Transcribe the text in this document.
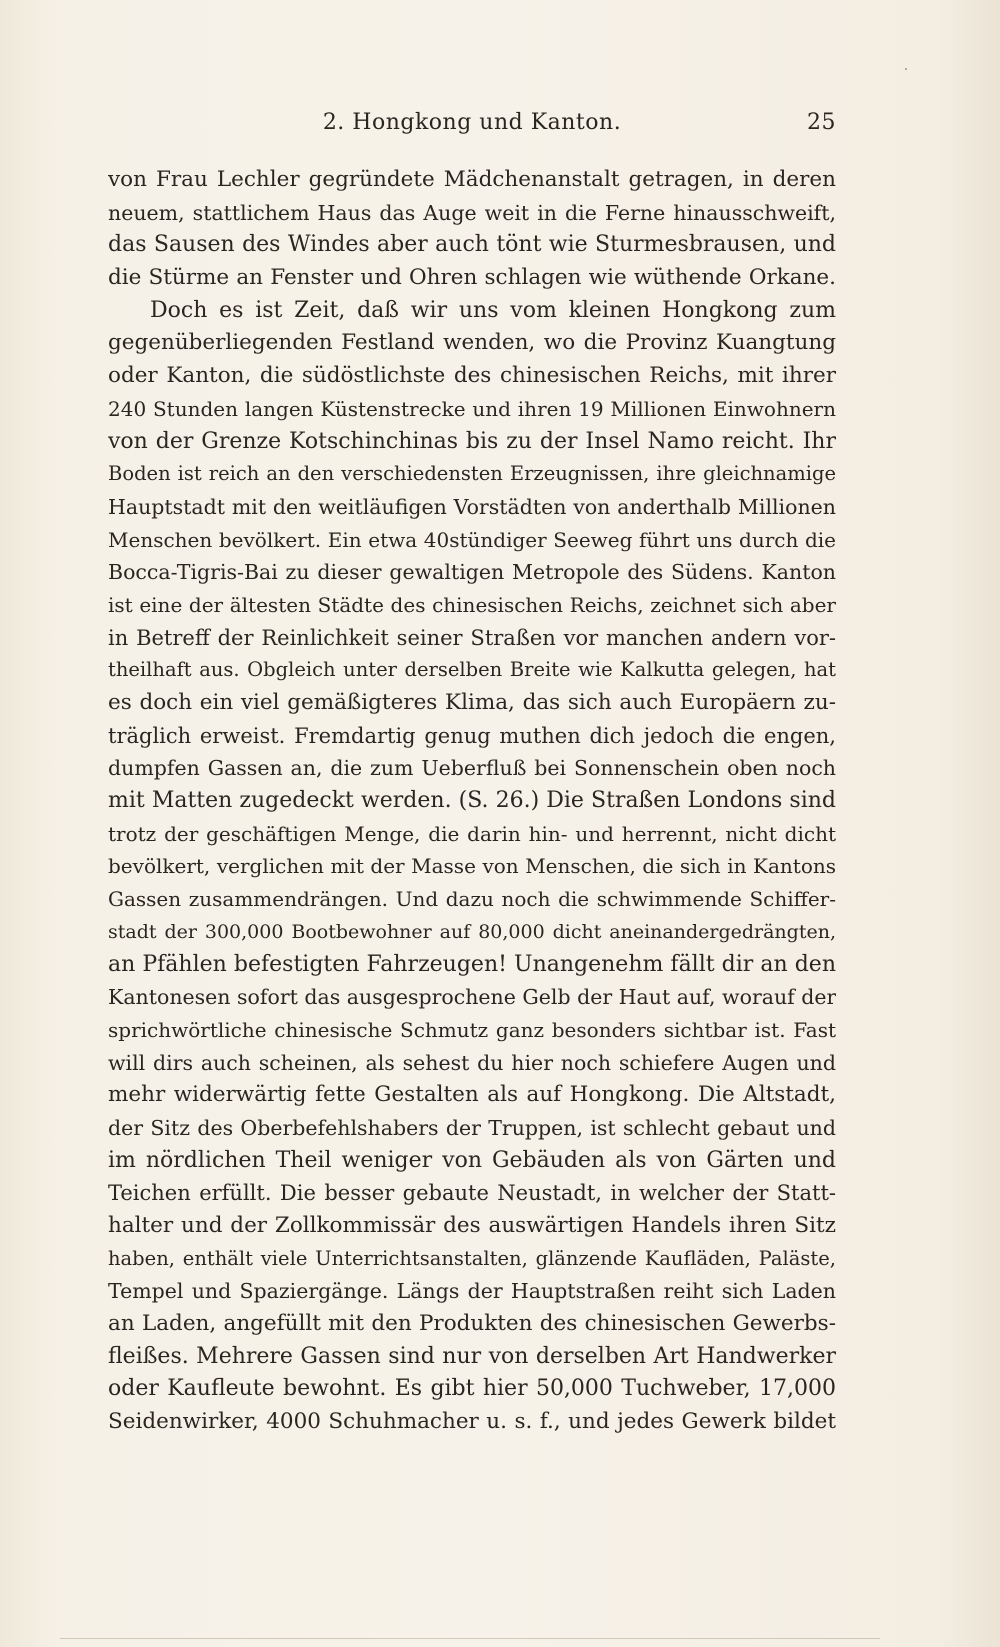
2. Hongkong und Kanton.	25
von Frau Lechler gegründete Mädchenanstalt getragen, in deren
neuem, stattlichem Haus das Auge weit in die Ferne hinausschweift,
das Sausen des Windes aber auch tönt wie Sturmesbrausen, und
die Stürme an Fenster und Ohren schlagen wie wüthende Orkane.
Doch es ist Zeit, daß wir uns vom kleinen Hongkong zum
gegenüberliegenden Festland wenden, wo die Provinz Kuangtung
oder Kanton, die südöstlichste des chinesischen Reichs, mit ihrer
240 Stunden langen Küstenstrecke und ihren 19 Millionen Einwohnern
von der Grenze Kotschinchinas bis zu der Insel Namo reicht. Ihr
Boden ist reich an den verschiedensten Erzeugnissen, ihre gleichnamige
Hauptstadt mit den weitläufigen Vorstädten von anderthalb Millionen
Menschen bevölkert. Ein etwa 40stündiger Seeweg führt uns durch die
Bocca-Tigris-Bai zu dieser gewaltigen Metropole des Südens. Kanton
ist eine der ältesten Städte des chinesischen Reichs, zeichnet sich aber
in Betreff der Reinlichkeit seiner Straßen vor manchen andern vor-
theilhaft aus. Obgleich unter derselben Breite wie Kalkutta gelegen, hat
es doch ein viel gemäßigteres Klima, das sich auch Europäern zu-
träglich erweist. Fremdartig genug muthen dich jedoch die engen,
dumpfen Gassen an, die zum Ueberfluß bei Sonnenschein oben noch
mit Matten zugedeckt werden. (S. 26.) Die Straßen Londons sind
trotz der geschäftigen Menge, die darin hin- und herrennt, nicht dicht
bevölkert, verglichen mit der Masse von Menschen, die sich in Kantons
Gassen zusammendrängen. Und dazu noch die schwimmende Schiffer-
stadt der 300,000 Bootbewohner auf 80,000 dicht aneinandergedrängten,
an Pfählen befestigten Fahrzeugen! Unangenehm fällt dir an den
Kantonesen sofort das ausgesprochene Gelb der Haut auf, worauf der
sprichwörtliche chinesische Schmutz ganz besonders sichtbar ist. Fast
will dirs auch scheinen, als sehest du hier noch schiefere Augen und
mehr widerwärtig fette Gestalten als auf Hongkong. Die Altstadt,
der Sitz des Oberbefehlshabers der Truppen, ist schlecht gebaut und
im nördlichen Theil weniger von Gebäuden als von Gärten und
Teichen erfüllt. Die besser gebaute Neustadt, in welcher der Statt-
halter und der Zollkommissär des auswärtigen Handels ihren Sitz
haben, enthält viele Unterrichtsanstalten, glänzende Kaufläden, Paläste,
Tempel und Spaziergänge. Längs der Hauptstraßen reiht sich Laden
an Laden, angefüllt mit den Produkten des chinesischen Gewerbs-
fleißes. Mehrere Gassen sind nur von derselben Art Handwerker
oder Kaufleute bewohnt. Es gibt hier 50,000 Tuchweber, 17,000
Seidenwirker, 4000 Schuhmacher u. s. f., und jedes Gewerk bildet
